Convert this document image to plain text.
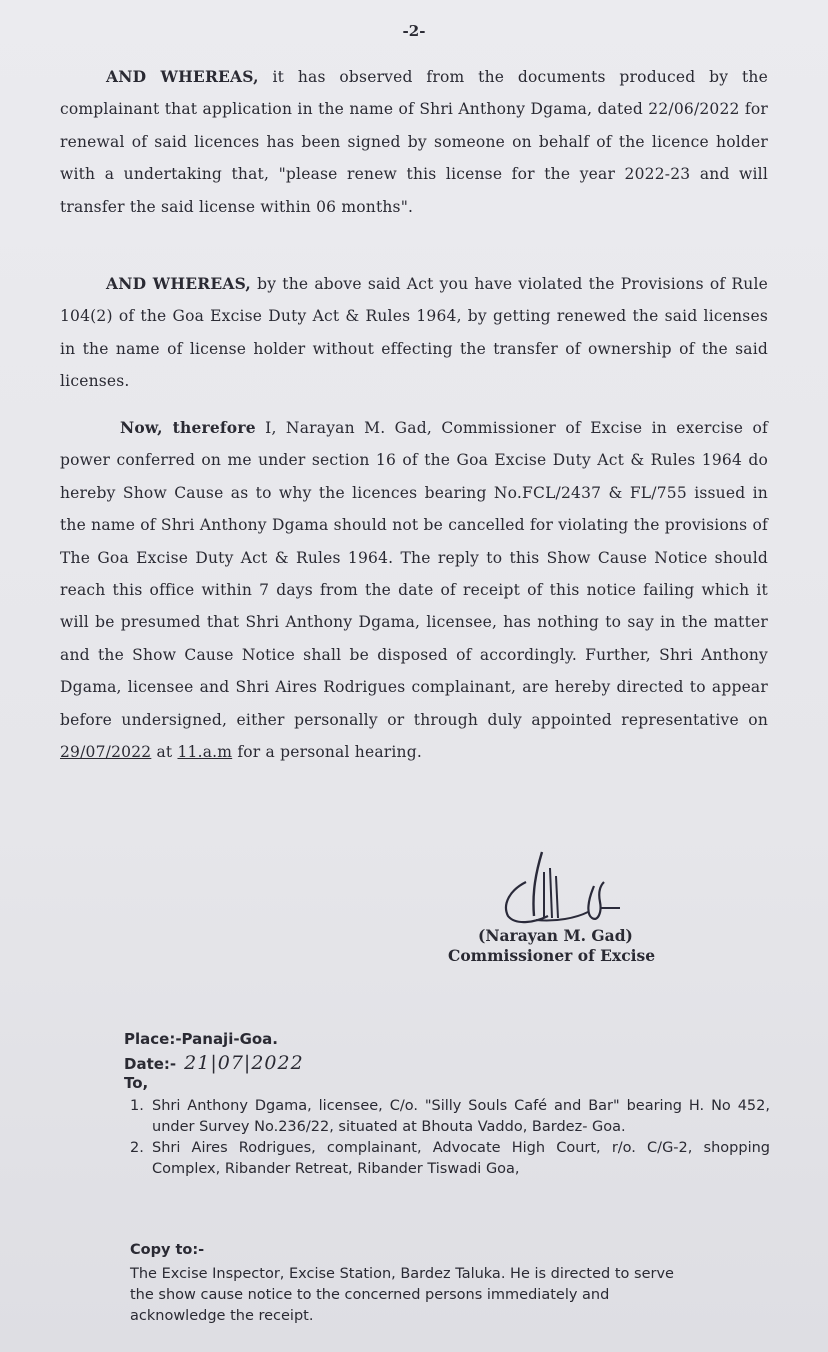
-2-

AND WHEREAS, it has observed from the documents produced by the complainant that application in the name of Shri Anthony Dgama, dated 22/06/2022 for renewal of said licences has been signed by someone on behalf of the licence holder with a undertaking that, "please renew this license for the year 2022-23 and will transfer the said license within 06 months".

AND WHEREAS, by the above said Act you have violated the Provisions of Rule 104(2) of the Goa Excise Duty Act & Rules 1964, by getting renewed the said licenses in the name of license holder without effecting the transfer of ownership of the said licenses.

Now, therefore I, Narayan M. Gad, Commissioner of Excise in exercise of power conferred on me under section 16 of the Goa Excise Duty Act & Rules 1964 do hereby Show Cause as to why the licences bearing No.FCL/2437 & FL/755 issued in the name of Shri Anthony Dgama should not be cancelled for violating the provisions of The Goa Excise Duty Act & Rules 1964. The reply to this Show Cause Notice should reach this office within 7 days from the date of receipt of this notice failing which it will be presumed that Shri Anthony Dgama, licensee, has nothing to say in the matter and the Show Cause Notice shall be disposed of accordingly. Further, Shri Anthony Dgama, licensee and Shri Aires Rodrigues complainant, are hereby directed to appear before undersigned, either personally or through duly appointed representative on 29/07/2022 at 11.a.m for a personal hearing.

(Narayan M. Gad)
Commissioner of Excise
Place:-Panaji-Goa.
Date:- 21|07|2022
To,
1. Shri Anthony Dgama, licensee, C/o. "Silly Souls Café and Bar" bearing H. No 452, under Survey No.236/22, situated at Bhouta Vaddo, Bardez- Goa.
2. Shri Aires Rodrigues, complainant, Advocate High Court, r/o. C/G-2, shopping Complex, Ribander Retreat, Ribander Tiswadi Goa,
Copy to:-
The Excise Inspector, Excise Station, Bardez Taluka. He is directed to serve the show cause notice to the concerned persons immediately and acknowledge the receipt.
